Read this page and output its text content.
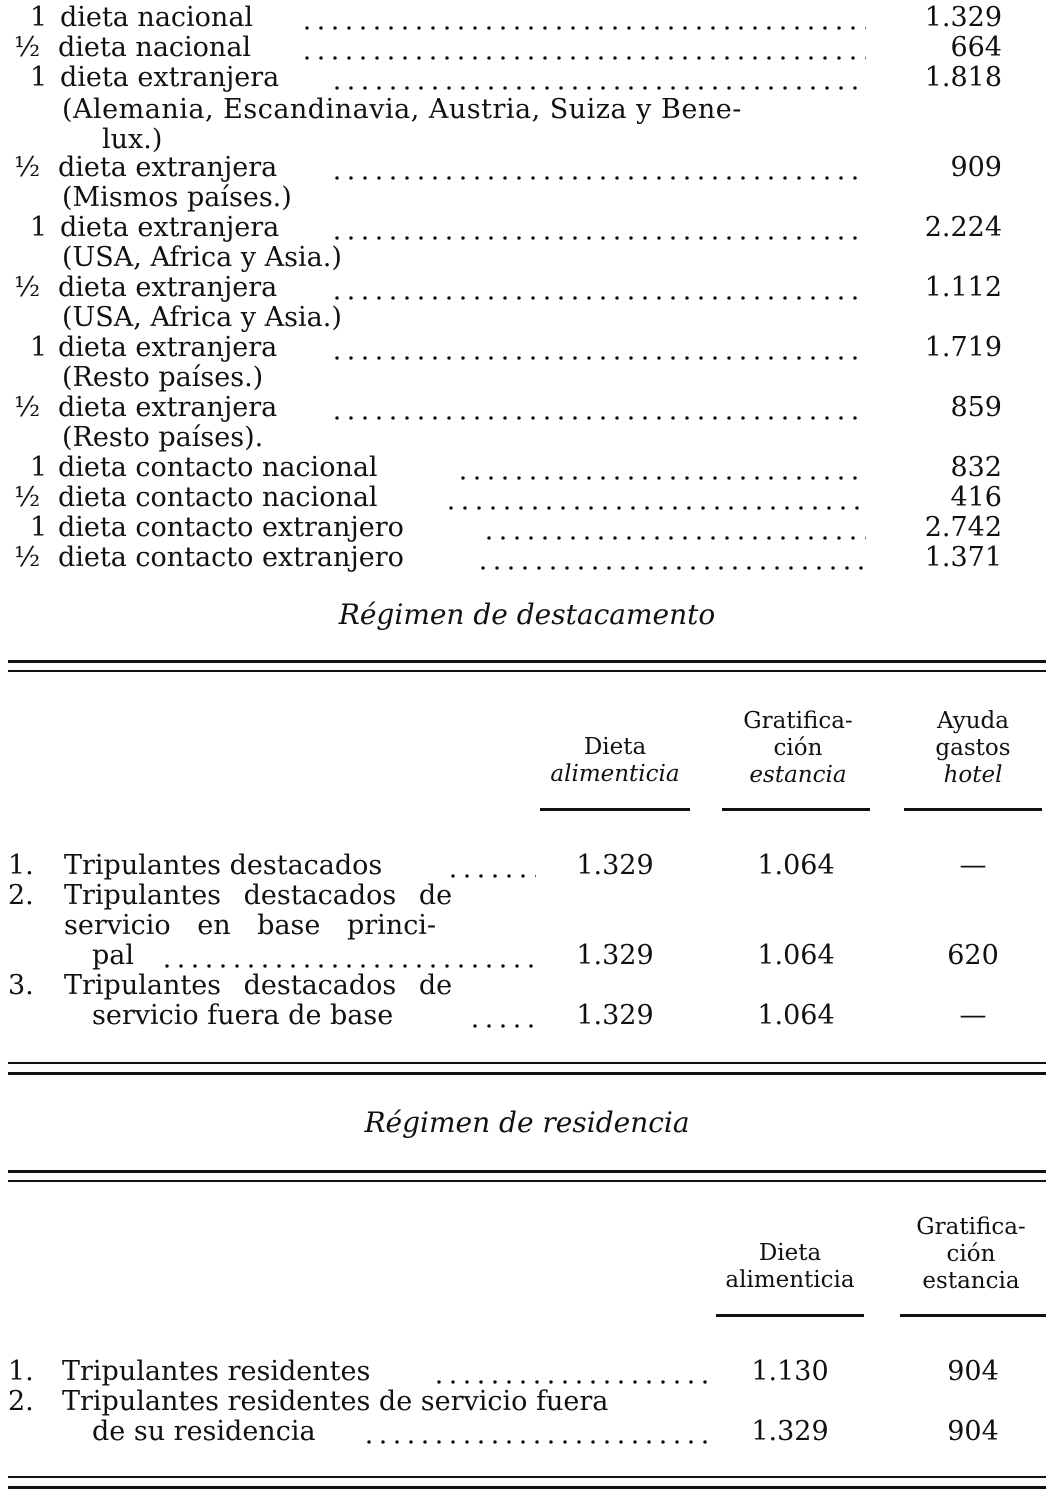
1 dieta nacional	1.329
½ dieta nacional	664
1 dieta extranjera	1.818
(Alemania, Escandinavia, Austria, Suiza y Bene-
lux.)
½ dieta extranjera	909
(Mismos países.)
1 dieta extranjera	2.224
(USA, Africa y Asia.)
½ dieta extranjera	1.112
(USA, Africa y Asia.)
1 dieta extranjera	1.719
(Resto países.)
½ dieta extranjera	859
(Resto países).
1 dieta contacto nacional	832
½ dieta contacto nacional	416
1 dieta contacto extranjero	2.742
½ dieta contacto extranjero	1.371
Régimen de destacamento
Dieta
alimenticia
Gratifica-
ción
estancia
Ayuda
gastos
hotel
1. Tripulantes destacados	1.329	1.064	—
2. Tripulantes destacados de
servicio en base princi-
pal	1.329	1.064	620
3. Tripulantes destacados de
servicio fuera de base	1.329	1.064	—
Régimen de residencia
Dieta
alimenticia
Gratifica-
ción
estancia
1. Tripulantes residentes	1.130	904
2. Tripulantes residentes de servicio fuera
de su residencia	1.329	904
